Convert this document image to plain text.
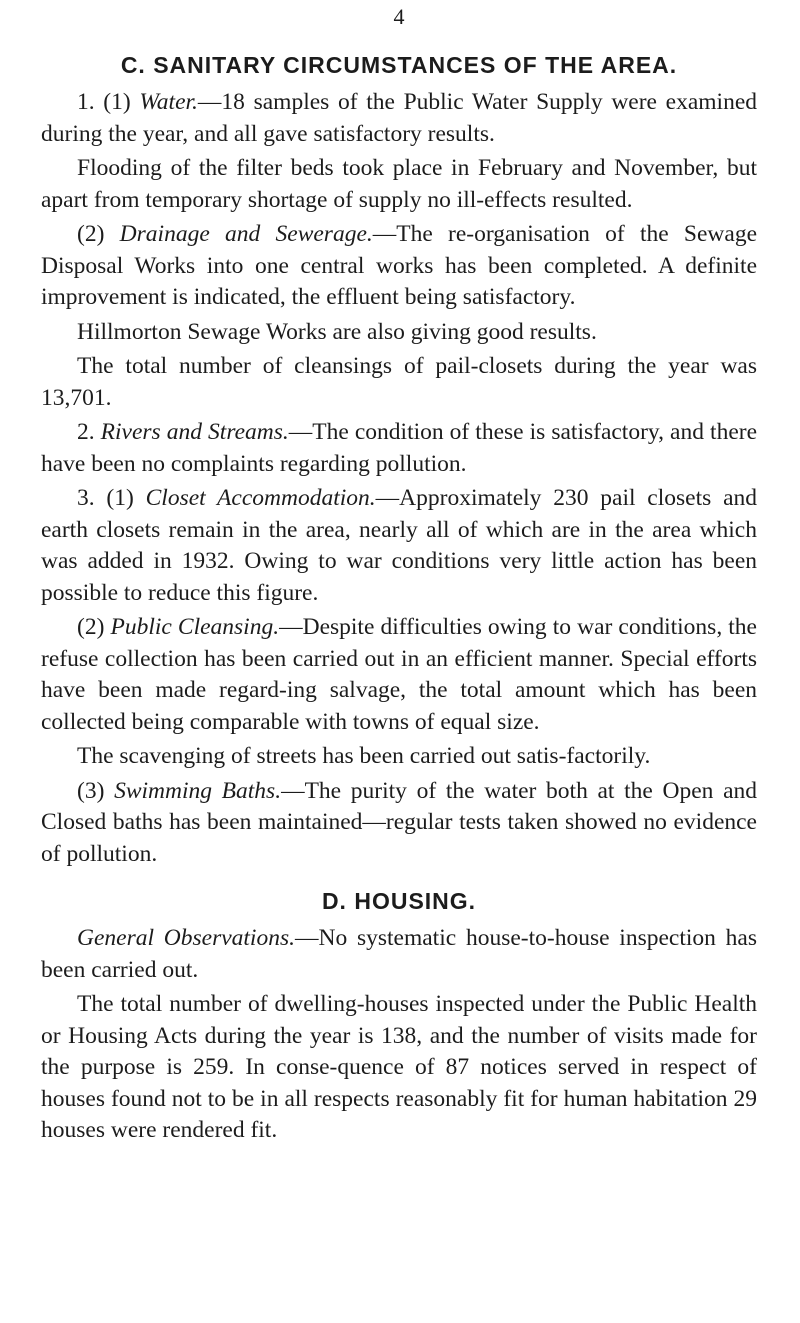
4
C. SANITARY CIRCUMSTANCES OF THE AREA.

1. (1) Water.—18 samples of the Public Water Supply were examined during the year, and all gave satisfactory results.

Flooding of the filter beds took place in February and November, but apart from temporary shortage of supply no ill-effects resulted.

(2) Drainage and Sewerage.—The re-organisation of the Sewage Disposal Works into one central works has been completed. A definite improvement is indicated, the effluent being satisfactory.

Hillmorton Sewage Works are also giving good results.

The total number of cleansings of pail-closets during the year was 13,701.

2. Rivers and Streams.—The condition of these is satisfactory, and there have been no complaints regarding pollution.

3. (1) Closet Accommodation.—Approximately 230 pail closets and earth closets remain in the area, nearly all of which are in the area which was added in 1932. Owing to war conditions very little action has been possible to reduce this figure.

(2) Public Cleansing.—Despite difficulties owing to war conditions, the refuse collection has been carried out in an efficient manner. Special efforts have been made regard-ing salvage, the total amount which has been collected being comparable with towns of equal size.

The scavenging of streets has been carried out satis-factorily.

(3) Swimming Baths.—The purity of the water both at the Open and Closed baths has been maintained—regular tests taken showed no evidence of pollution.

D. HOUSING.

General Observations.—No systematic house-to-house inspection has been carried out.

The total number of dwelling-houses inspected under the Public Health or Housing Acts during the year is 138, and the number of visits made for the purpose is 259. In conse-quence of 87 notices served in respect of houses found not to be in all respects reasonably fit for human habitation 29 houses were rendered fit.
